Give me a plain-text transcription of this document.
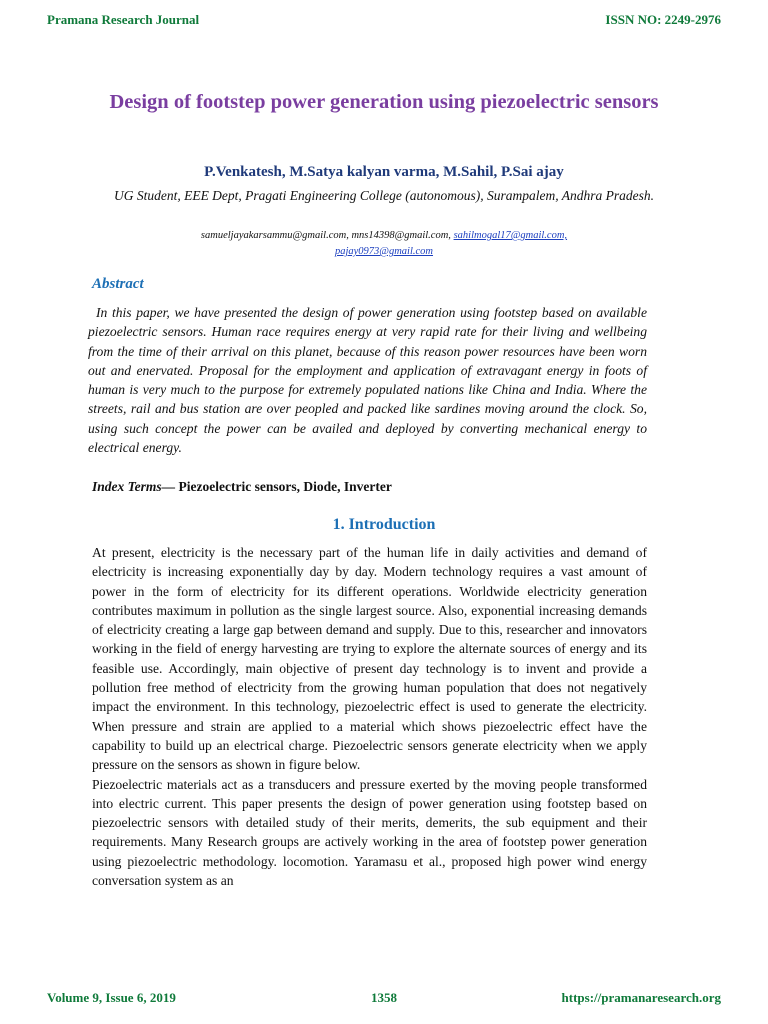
Pramana Research Journal	ISSN NO: 2249-2976
Design of footstep power generation using piezoelectric sensors
P.Venkatesh, M.Satya kalyan varma, M.Sahil, P.Sai ajay
UG Student, EEE Dept, Pragati Engineering College (autonomous), Surampalem, Andhra Pradesh.
samueljayakarsammu@gmail.com, mns14398@gmail.com, sahilmogal17@gmail.com,
pajay0973@gmail.com
Abstract
In this paper, we have presented the design of power generation using footstep based on available piezoelectric sensors. Human race requires energy at very rapid rate for their living and wellbeing from the time of their arrival on this planet, because of this reason power resources have been worn out and enervated. Proposal for the employment and application of extravagant energy in foots of human is very much to the purpose for extremely populated nations like China and India. Where the streets, rail and bus station are over peopled and packed like sardines moving around the clock. So, using such concept the power can be availed and deployed by converting mechanical energy to electrical energy.
Index Terms— Piezoelectric sensors, Diode, Inverter
1. Introduction

At present, electricity is the necessary part of the human life in daily activities and demand of electricity is increasing exponentially day by day. Modern technology requires a vast amount of power in the form of electricity for its different operations. Worldwide electricity generation contributes maximum in pollution as the single largest source. Also, exponential increasing demands of electricity creating a large gap between demand and supply. Due to this, researcher and innovators working in the field of energy harvesting are trying to explore the alternate sources of energy and its feasible use. Accordingly, main objective of present day technology is to invent and provide a pollution free method of electricity from the growing human population that does not negatively impact the environment. In this technology, piezoelectric effect is used to generate the electricity. When pressure and strain are applied to a material which shows piezoelectric effect have the capability to build up an electrical charge. Piezoelectric sensors generate electricity when we apply pressure on the sensors as shown in figure below.

Piezoelectric materials act as a transducers and pressure exerted by the moving people transformed into electric current. This paper presents the design of power generation using footstep based on piezoelectric sensors with detailed study of their merits, demerits, the sub equipment and their requirements. Many Research groups are actively working in the area of footstep power generation using piezoelectric methodology. locomotion. Yaramasu et al., proposed high power wind energy conversation system as an

Volume 9, Issue 6, 2019	1358	https://pramanaresearch.org
